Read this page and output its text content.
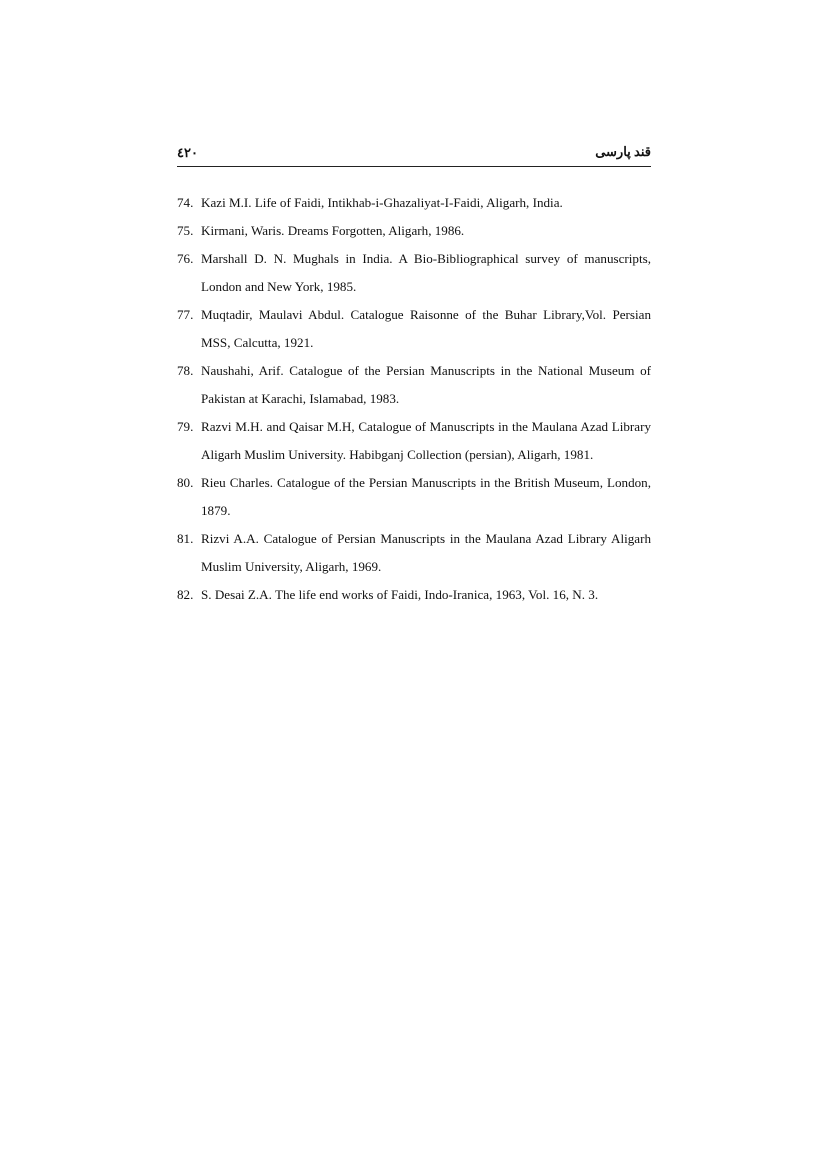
٤٢٠	قند پارسی
74. Kazi M.I. Life of Faidi, Intikhab-i-Ghazaliyat-I-Faidi, Aligarh, India.
75. Kirmani, Waris. Dreams Forgotten, Aligarh, 1986.
76. Marshall D. N. Mughals in India. A Bio-Bibliographical survey of manuscripts, London and New York, 1985.
77. Muqtadir, Maulavi Abdul. Catalogue Raisonne of the Buhar Library,Vol. Persian MSS, Calcutta, 1921.
78. Naushahi, Arif. Catalogue of the Persian Manuscripts in the National Museum of Pakistan at Karachi, Islamabad, 1983.
79. Razvi M.H. and Qaisar M.H, Catalogue of Manuscripts in the Maulana Azad Library Aligarh Muslim University. Habibganj Collection (persian), Aligarh, 1981.
80. Rieu Charles. Catalogue of the Persian Manuscripts in the British Museum, London, 1879.
81. Rizvi A.A. Catalogue of Persian Manuscripts in the Maulana Azad Library Aligarh Muslim University, Aligarh, 1969.
82. S. Desai Z.A. The life end works of Faidi, Indo-Iranica, 1963, Vol. 16, N. 3.
